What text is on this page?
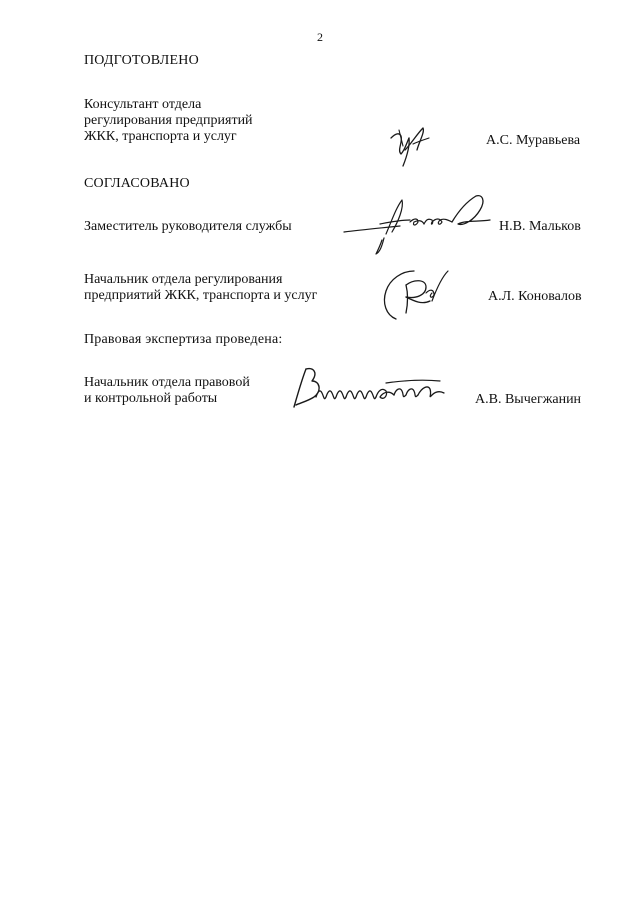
2
ПОДГОТОВЛЕНО
Консультант отдела
регулирования предприятий
ЖКК, транспорта и услуг	А.С. Муравьева
СОГЛАСОВАНО
Заместитель руководителя службы	Н.В. Мальков
Начальник отдела регулирования
предприятий ЖКК, транспорта и услуг	А.Л. Коновалов
Правовая экспертиза проведена:
Начальник отдела правовой
и контрольной работы	А.В. Вычегжанин
